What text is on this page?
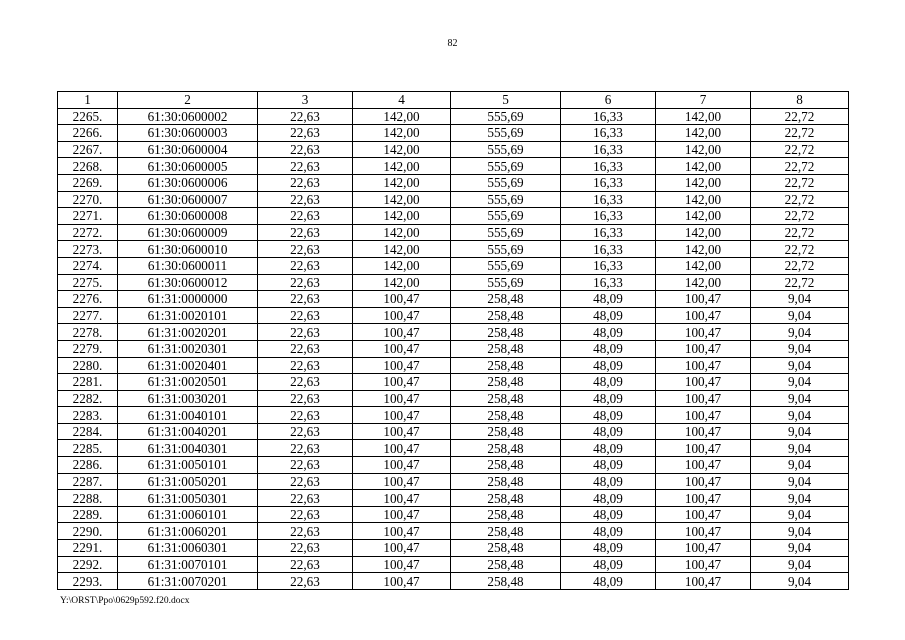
82
1	2	3	4	5	6	7	8
2265.	61:30:0600002	22,63	142,00	555,69	16,33	142,00	22,72
2266.	61:30:0600003	22,63	142,00	555,69	16,33	142,00	22,72
2267.	61:30:0600004	22,63	142,00	555,69	16,33	142,00	22,72
2268.	61:30:0600005	22,63	142,00	555,69	16,33	142,00	22,72
2269.	61:30:0600006	22,63	142,00	555,69	16,33	142,00	22,72
2270.	61:30:0600007	22,63	142,00	555,69	16,33	142,00	22,72
2271.	61:30:0600008	22,63	142,00	555,69	16,33	142,00	22,72
2272.	61:30:0600009	22,63	142,00	555,69	16,33	142,00	22,72
2273.	61:30:0600010	22,63	142,00	555,69	16,33	142,00	22,72
2274.	61:30:0600011	22,63	142,00	555,69	16,33	142,00	22,72
2275.	61:30:0600012	22,63	142,00	555,69	16,33	142,00	22,72
2276.	61:31:0000000	22,63	100,47	258,48	48,09	100,47	9,04
2277.	61:31:0020101	22,63	100,47	258,48	48,09	100,47	9,04
2278.	61:31:0020201	22,63	100,47	258,48	48,09	100,47	9,04
2279.	61:31:0020301	22,63	100,47	258,48	48,09	100,47	9,04
2280.	61:31:0020401	22,63	100,47	258,48	48,09	100,47	9,04
2281.	61:31:0020501	22,63	100,47	258,48	48,09	100,47	9,04
2282.	61:31:0030201	22,63	100,47	258,48	48,09	100,47	9,04
2283.	61:31:0040101	22,63	100,47	258,48	48,09	100,47	9,04
2284.	61:31:0040201	22,63	100,47	258,48	48,09	100,47	9,04
2285.	61:31:0040301	22,63	100,47	258,48	48,09	100,47	9,04
2286.	61:31:0050101	22,63	100,47	258,48	48,09	100,47	9,04
2287.	61:31:0050201	22,63	100,47	258,48	48,09	100,47	9,04
2288.	61:31:0050301	22,63	100,47	258,48	48,09	100,47	9,04
2289.	61:31:0060101	22,63	100,47	258,48	48,09	100,47	9,04
2290.	61:31:0060201	22,63	100,47	258,48	48,09	100,47	9,04
2291.	61:31:0060301	22,63	100,47	258,48	48,09	100,47	9,04
2292.	61:31:0070101	22,63	100,47	258,48	48,09	100,47	9,04
2293.	61:31:0070201	22,63	100,47	258,48	48,09	100,47	9,04
Y:\ORST\Ppo\0629p592.f20.docx
